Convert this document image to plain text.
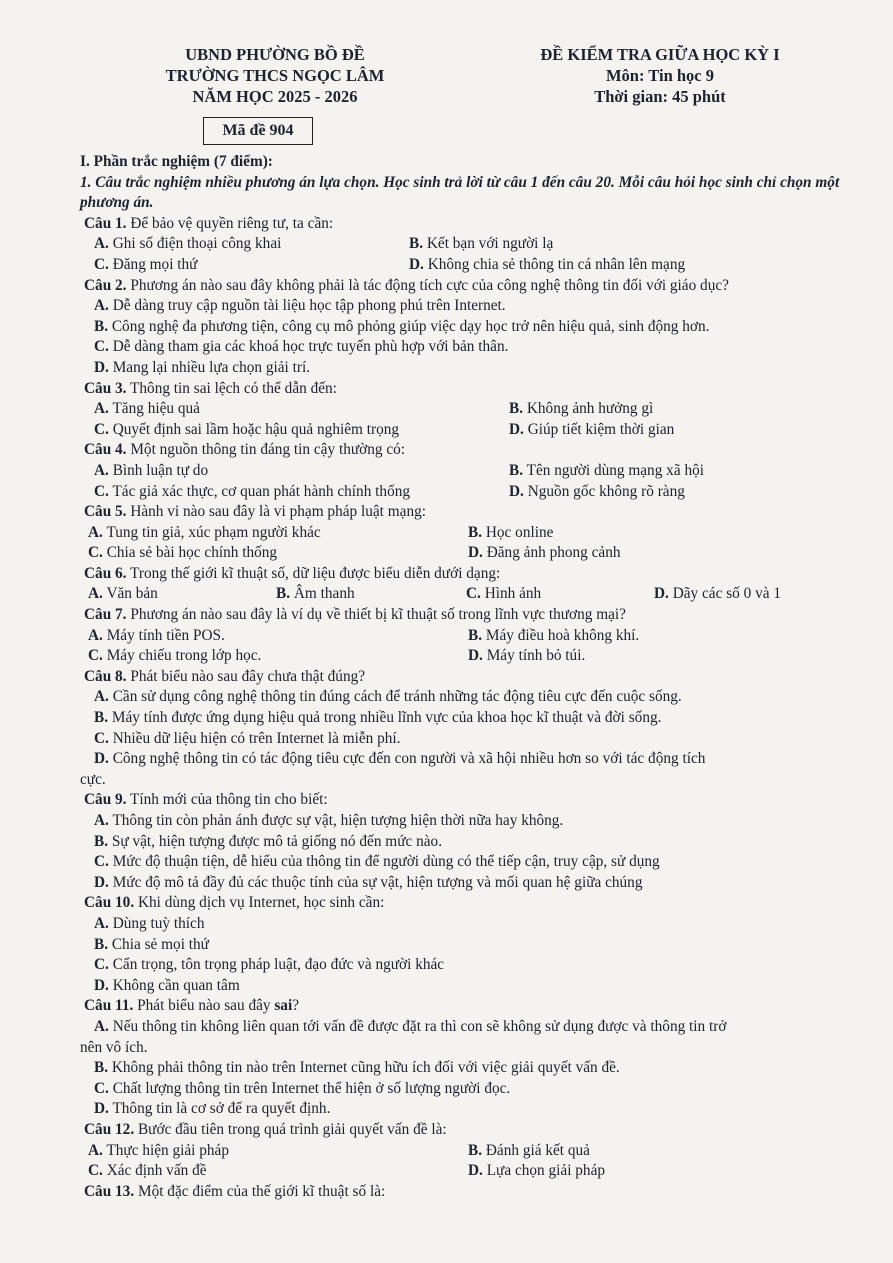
UBND PHƯỜNG BỒ ĐỀ
TRƯỜNG THCS NGỌC LÂM
NĂM HỌC 2025 - 2026
ĐỀ KIỂM TRA GIỮA HỌC KỲ I
Môn: Tin học 9
Thời gian: 45 phút
Mã đề 904
I. Phần trắc nghiệm (7 điểm):
1. Câu trắc nghiệm nhiều phương án lựa chọn. Học sinh trả lời từ câu 1 đến câu 20. Mỗi câu hỏi học sinh chỉ chọn một phương án.
Câu 1. Để bảo vệ quyền riêng tư, ta cần:
A. Ghi số điện thoại công khai	B. Kết bạn với người lạ
C. Đăng mọi thứ	D. Không chia sẻ thông tin cá nhân lên mạng
Câu 2. Phương án nào sau đây không phải là tác động tích cực của công nghệ thông tin đối với giáo dục?
A. Dễ dàng truy cập nguồn tài liệu học tập phong phú trên Internet.
B. Công nghệ đa phương tiện, công cụ mô phỏng giúp việc dạy học trở nên hiệu quả, sinh động hơn.
C. Dễ dàng tham gia các khoá học trực tuyến phù hợp với bản thân.
D. Mang lại nhiều lựa chọn giải trí.
Câu 3. Thông tin sai lệch có thể dẫn đến:
A. Tăng hiệu quả	B. Không ảnh hưởng gì
C. Quyết định sai lầm hoặc hậu quả nghiêm trọng	D. Giúp tiết kiệm thời gian
Câu 4. Một nguồn thông tin đáng tin cậy thường có:
A. Bình luận tự do	B. Tên người dùng mạng xã hội
C. Tác giả xác thực, cơ quan phát hành chính thống	D. Nguồn gốc không rõ ràng
Câu 5. Hành vi nào sau đây là vi phạm pháp luật mạng:
A. Tung tin giả, xúc phạm người khác	B. Học online
C. Chia sẻ bài học chính thống	D. Đăng ảnh phong cảnh
Câu 6. Trong thế giới kĩ thuật số, dữ liệu được biểu diễn dưới dạng:
A. Văn bản	B. Âm thanh	C. Hình ảnh	D. Dãy các số 0 và 1
Câu 7. Phương án nào sau đây là ví dụ về thiết bị kĩ thuật số trong lĩnh vực thương mại?
A. Máy tính tiền POS.	B. Máy điều hoà không khí.
C. Máy chiếu trong lớp học.	D. Máy tính bỏ túi.
Câu 8. Phát biểu nào sau đây chưa thật đúng?
A. Cần sử dụng công nghệ thông tin đúng cách để tránh những tác động tiêu cực đến cuộc sống.
B. Máy tính được ứng dụng hiệu quả trong nhiều lĩnh vực của khoa học kĩ thuật và đời sống.
C. Nhiều dữ liệu hiện có trên Internet là miễn phí.
D. Công nghệ thông tin có tác động tiêu cực đến con người và xã hội nhiều hơn so với tác động tích
cực.
Câu 9. Tính mới của thông tin cho biết:
A. Thông tin còn phản ánh được sự vật, hiện tượng hiện thời nữa hay không.
B. Sự vật, hiện tượng được mô tả giống nó đến mức nào.
C. Mức độ thuận tiện, dễ hiểu của thông tin để người dùng có thể tiếp cận, truy cập, sử dụng
D. Mức độ mô tả đầy đủ các thuộc tính của sự vật, hiện tượng và mối quan hệ giữa chúng
Câu 10. Khi dùng dịch vụ Internet, học sinh cần:
A. Dùng tuỳ thích
B. Chia sẻ mọi thứ
C. Cẩn trọng, tôn trọng pháp luật, đạo đức và người khác
D. Không cần quan tâm
Câu 11. Phát biểu nào sau đây sai?
A. Nếu thông tin không liên quan tới vấn đề được đặt ra thì con sẽ không sử dụng được và thông tin trở
nên vô ích.
B. Không phải thông tin nào trên Internet cũng hữu ích đối với việc giải quyết vấn đề.
C. Chất lượng thông tin trên Internet thể hiện ở số lượng người đọc.
D. Thông tin là cơ sở để ra quyết định.
Câu 12. Bước đầu tiên trong quá trình giải quyết vấn đề là:
A. Thực hiện giải pháp	B. Đánh giá kết quả
C. Xác định vấn đề	D. Lựa chọn giải pháp
Câu 13. Một đặc điểm của thế giới kĩ thuật số là:
